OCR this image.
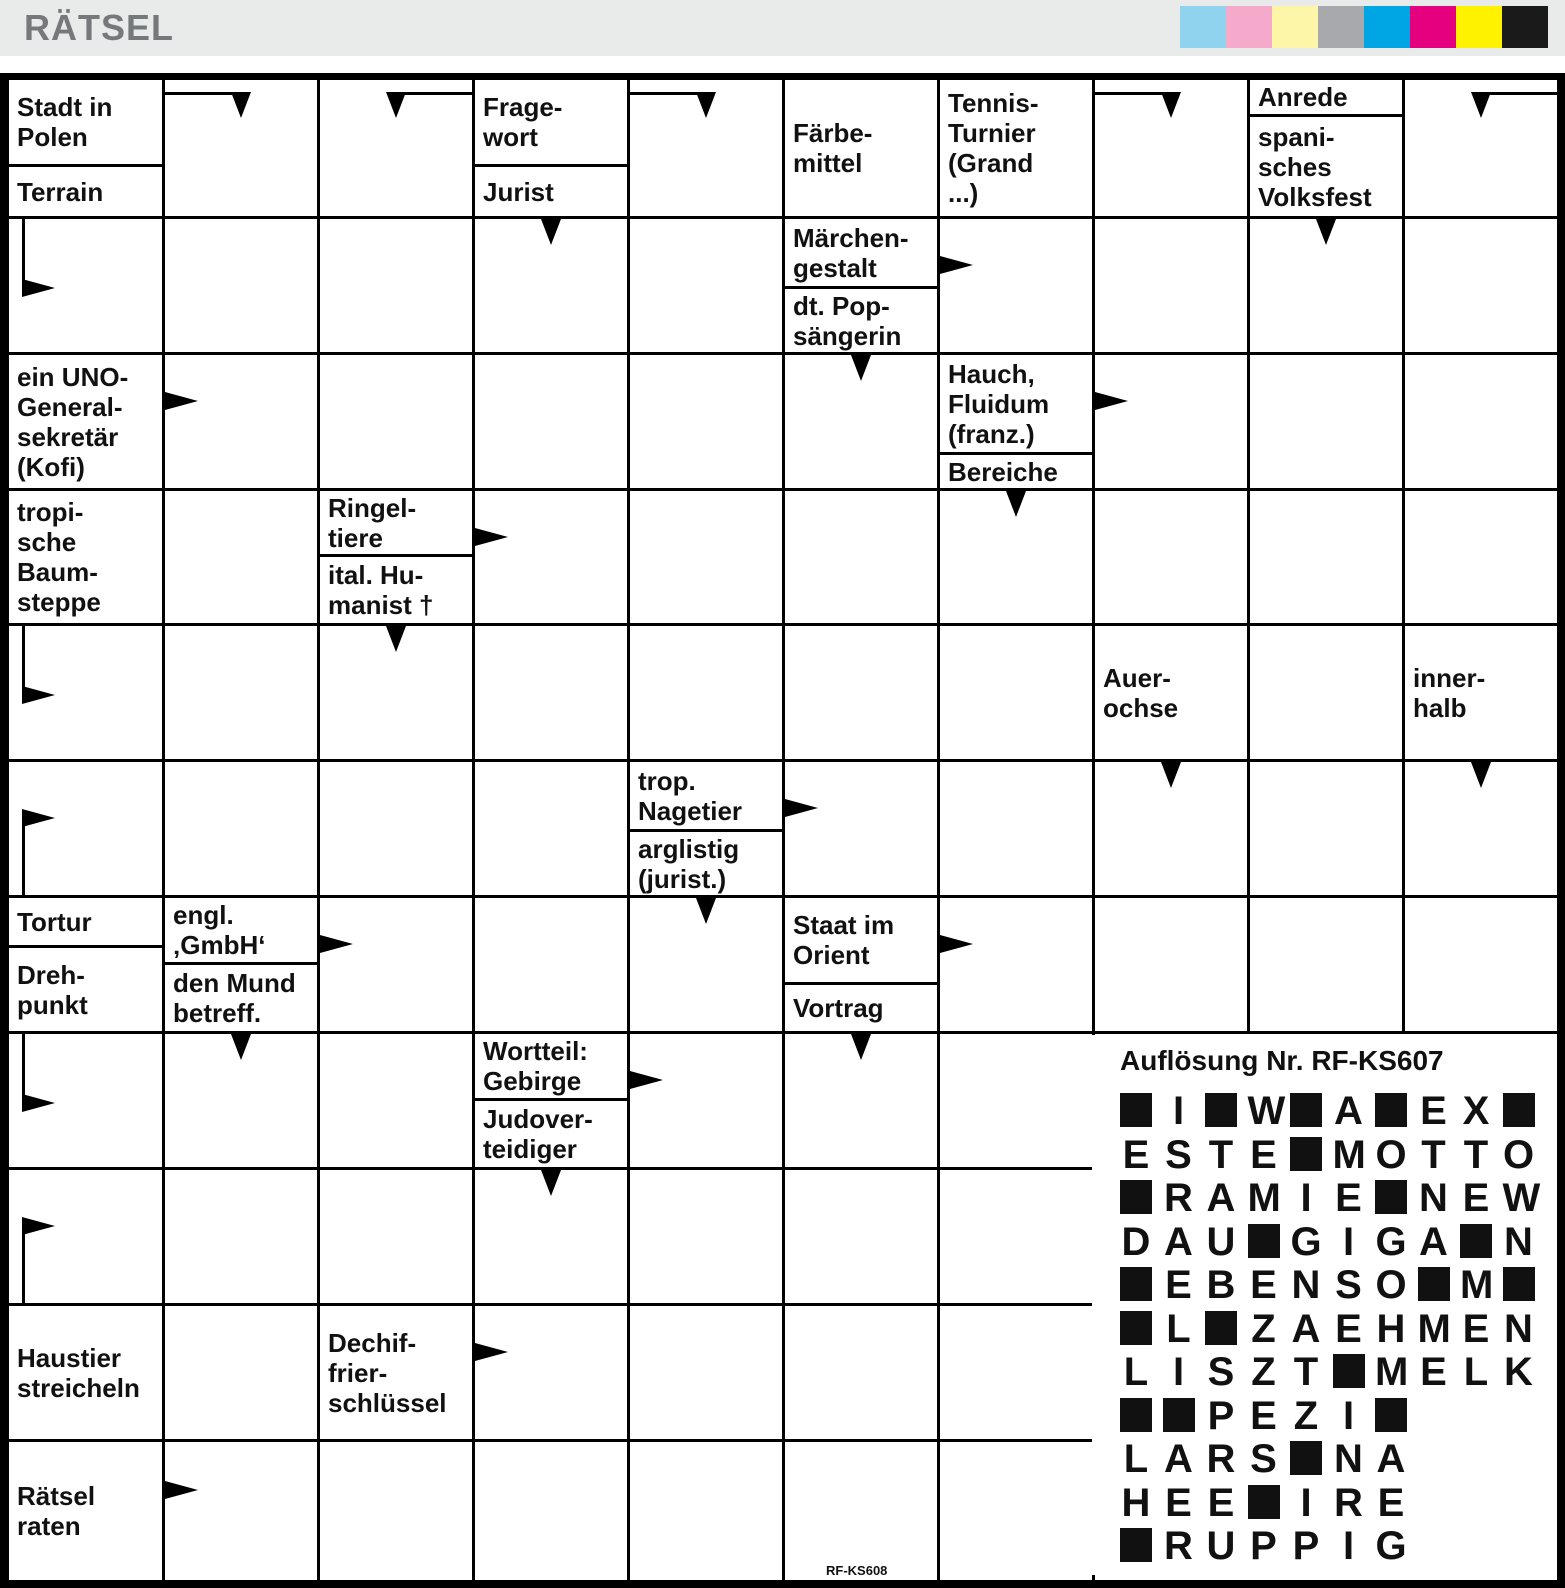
RÄTSEL
Stadt in
Polen
Terrain
Frage-
wort
Jurist
Färbe-
mittel
Tennis-
Turnier
(Grand
...)
Anrede
spani-
sches
Volksfest
Märchen-
gestalt
dt. Pop-
sängerin
ein UNO-
General-
sekretär
(Kofi)
Hauch,
Fluidum
(franz.)
Bereiche
tropi-
sche
Baum-
steppe
Ringel-
tiere
ital. Hu-
manist †
Auer-
ochse
inner-
halb
trop.
Nagetier
arglistig
(jurist.)
Tortur
Dreh-
punkt
engl.
‚GmbH‘
den Mund
betreff.
Staat im
Orient
Vortrag
Wortteil:
Gebirge
Judover-
teidiger
Haustier
streicheln
Dechif-
frier-
schlüssel
Rätsel
raten
Auflösung Nr. RF-KS607
I W A E X
E S T E M O T T O
R A M I E N E W
D A U G I G A N
E B E N S O M
L Z A E H M E N
L I S Z T M E L K
P E Z I
L A R S N A
H E E I R E
R U P P I G
RF-KS608
